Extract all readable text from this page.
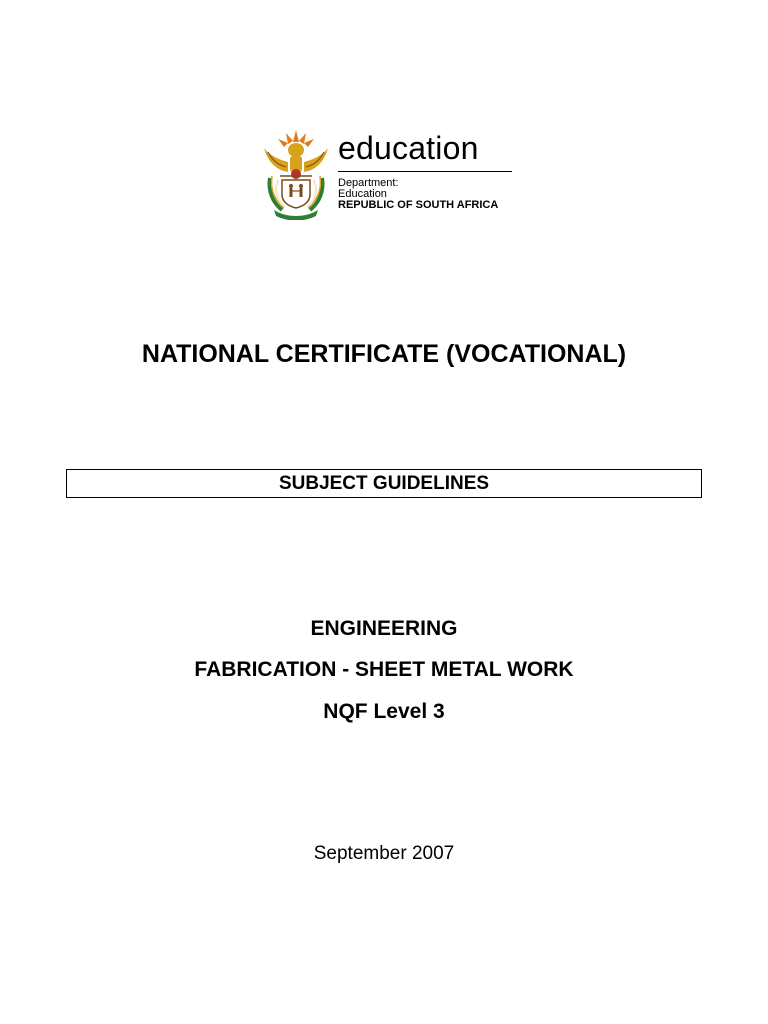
education
Department:
Education
REPUBLIC OF SOUTH AFRICA
NATIONAL CERTIFICATE (VOCATIONAL)
SUBJECT GUIDELINES
ENGINEERING
FABRICATION - SHEET METAL WORK
NQF Level 3
September 2007
